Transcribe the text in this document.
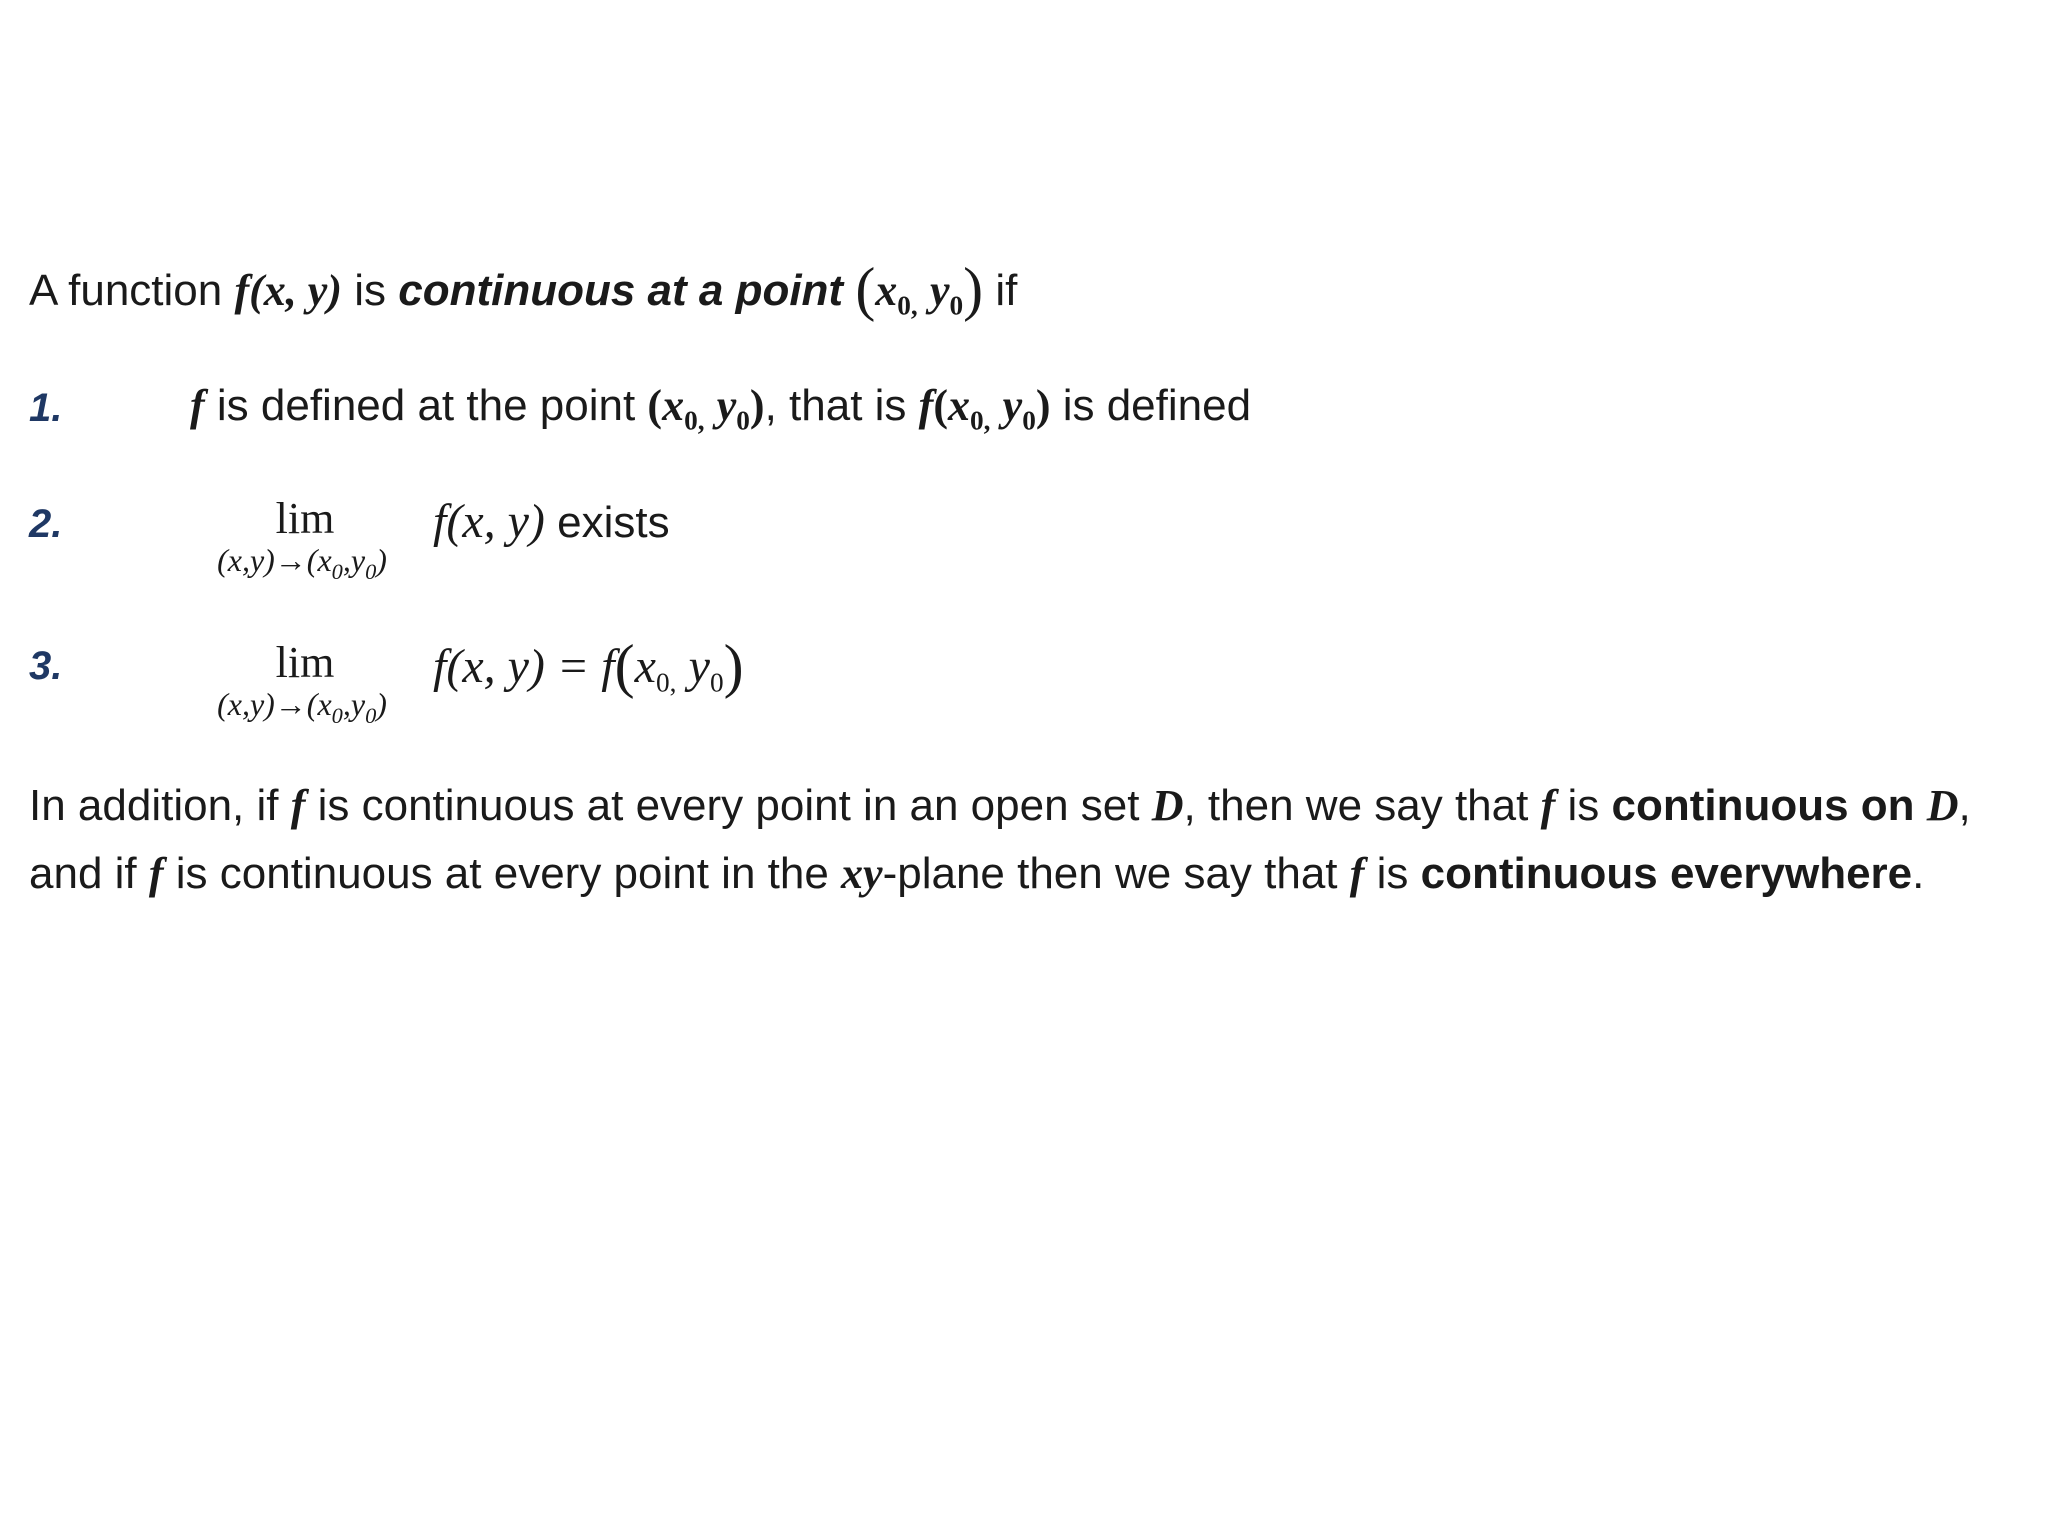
A function f(x, y) is continuous at a point ($x_{0,}$ $y_0$) if
1.	f is defined at the point ($x_{0,}$ $y_0$), that is $f(x_{0,}$ $y_0$) is defined
2.	lim
$(x,y)\to(x_0,y_0)$
f(x, y) exists
3.	lim
$(x,y)\to(x_0,y_0)$
f(x, $y) = f(x_{0,}$ $y_0$)
In addition, if f is continuous at every point in an open set D, then we say that f is continuous on D,
and if f is continuous at every point in the xy-plane then we say that f is continuous everywhere.
